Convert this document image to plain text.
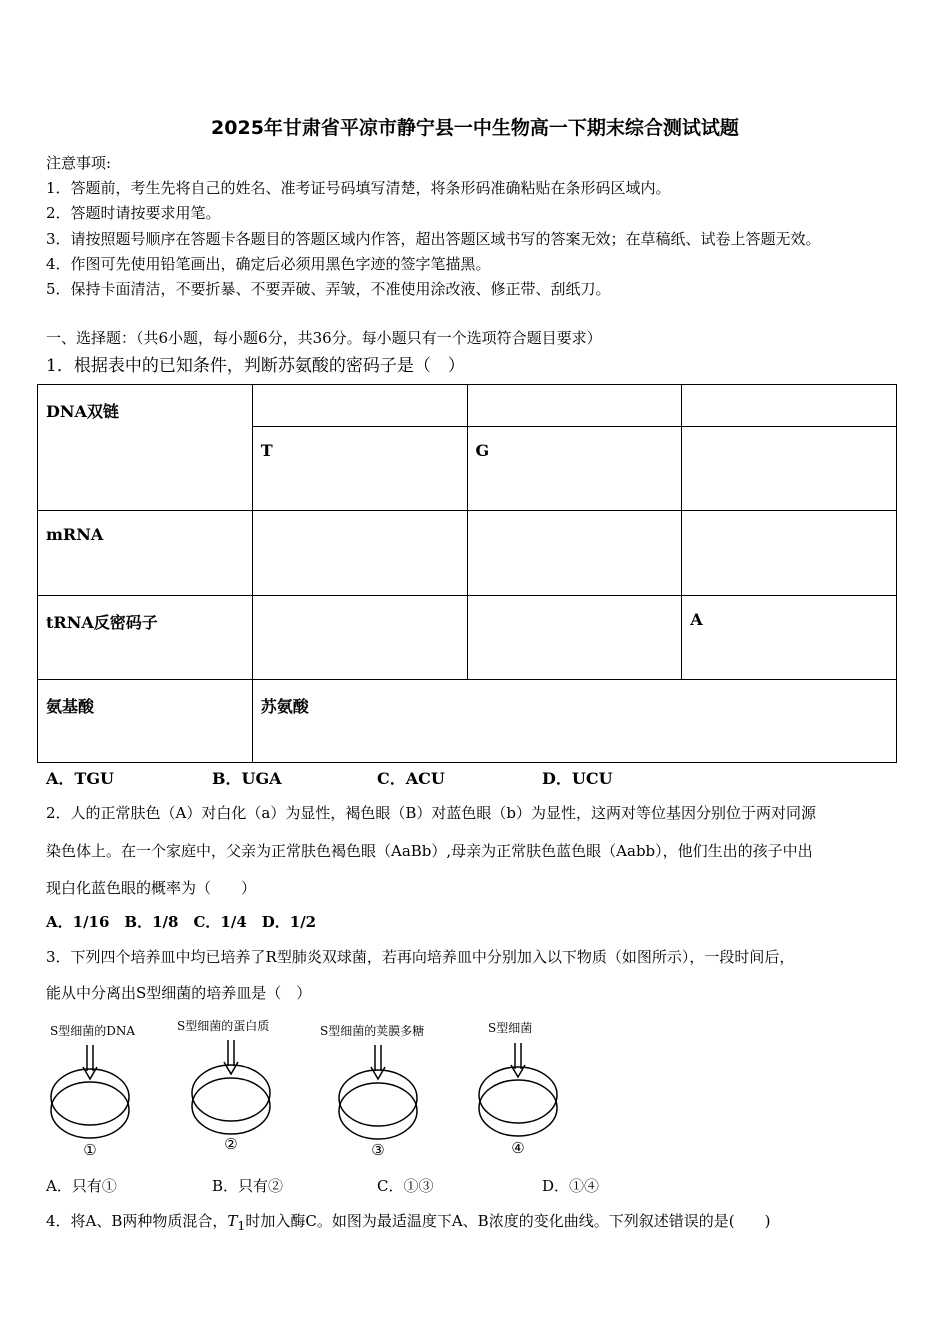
2025年甘肃省平凉市静宁县一中生物高一下期末综合测试试题
注意事项:
1．答题前，考生先将自己的姓名、准考证号码填写清楚，将条形码准确粘贴在条形码区域内。
2．答题时请按要求用笔。
3．请按照题号顺序在答题卡各题目的答题区域内作答，超出答题区域书写的答案无效；在草稿纸、试卷上答题无效。
4．作图可先使用铅笔画出，确定后必须用黑色字迹的签字笔描黑。
5．保持卡面清洁，不要折暴、不要弄破、弄皱，不准使用涂改液、修正带、刮纸刀。
一、选择题：（共6小题，每小题6分，共36分。每小题只有一个选项符合题目要求）
1．根据表中的已知条件，判断苏氨酸的密码子是（　）
DNA双链			
	T	G	
mRNA			
tRNA反密码子			A
氨基酸	苏氨酸		
A．TGU	B．UGA	C．ACU	D．UCU
2．人的正常肤色（A）对白化（a）为显性，褐色眼（B）对蓝色眼（b）为显性，这两对等位基因分别位于两对同源
染色体上。在一个家庭中，父亲为正常肤色褐色眼（AaBb）,母亲为正常肤色蓝色眼（Aabb），他们生出的孩子中出
现白化蓝色眼的概率为（　　）
A．1/16　B．1/8　C．1/4　D．1/2
3．下列四个培养皿中均已培养了R型肺炎双球菌，若再向培养皿中分别加入以下物质（如图所示），一段时间后，
能从中分离出S型细菌的培养皿是（　）
S型细菌的DNA	S型细菌的蛋白质	S型细菌的荚膜多糖	S型细菌
①	②	③	④
A．只有①	B．只有②	C．①③	D．①④
4．将A、B两种物质混合，$T_1$时加入酶C。如图为最适温度下A、B浓度的变化曲线。下列叙述错误的是(　　)
